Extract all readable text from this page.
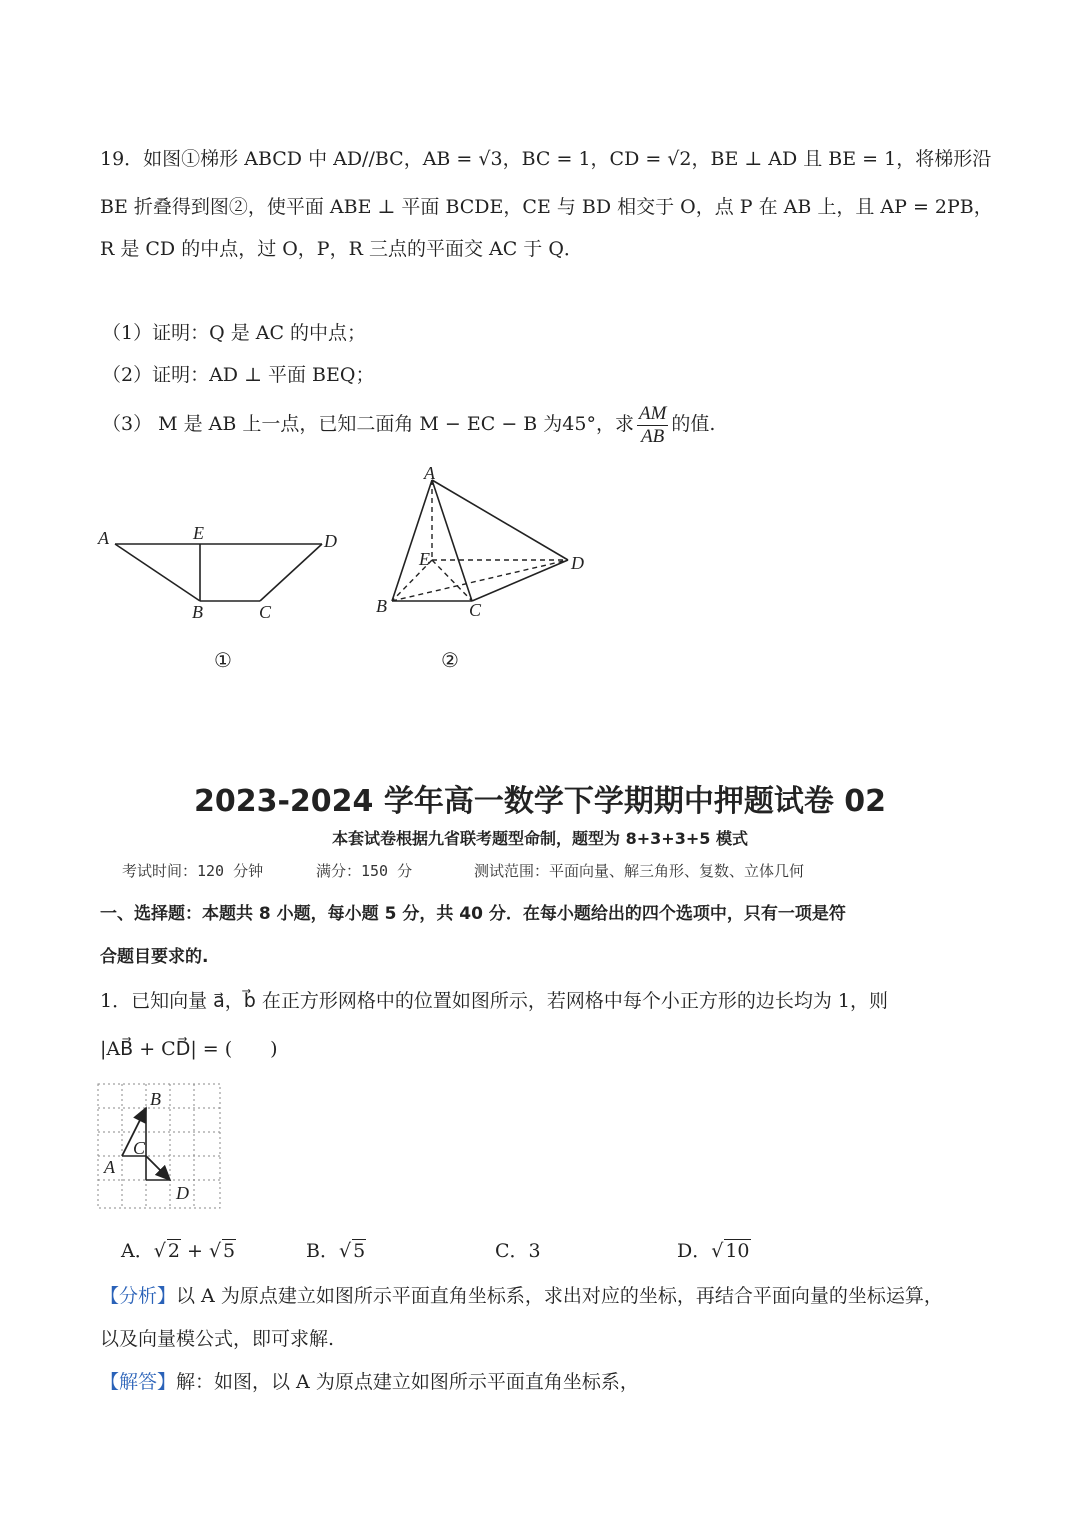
19．如图①梯形 ABCD 中 AD//BC，AB = √3，BC = 1，CD = √2，BE ⊥ AD 且 BE = 1，将梯形沿
BE 折叠得到图②，使平面 ABE ⊥ 平面 BCDE，CE 与 BD 相交于 O，点 P 在 AB 上，且 AP = 2PB，
R 是 CD 的中点，过 O，P，R 三点的平面交 AC 于 Q．
（1）证明：Q 是 AC 的中点；
（2）证明：AD ⊥ 平面 BEQ；
（3） M 是 AB 上一点，已知二面角 M − EC − B 为45°，求 $\frac{AM}{AB}$ 的值.
A	E	D
B	C
①
A
E	D
B	C
②
2023-2024 学年高一数学下学期期中押题试卷 02
本套试卷根据九省联考题型命制，题型为 8+3+3+5 模式
考试时间：120 分钟	满分：150 分	测试范围：平面向量、解三角形、复数、立体几何
一、选择题：本题共 8 小题，每小题 5 分，共 40 分．在每小题给出的四个选项中，只有一项是符
合题目要求的.
1．已知向量 a⃗，b⃗ 在正方形网格中的位置如图所示，若网格中每个小正方形的边长均为 1，则
|AB⃗ + CD⃗| = (　　)
B
C
A
D
A．√ 2 + √ 5	B．√ 5	C．3	D．√ 10
【分析】以 A 为原点建立如图所示平面直角坐标系，求出对应的坐标，再结合平面向量的坐标运算，
以及向量模公式，即可求解.
【解答】解：如图，以 A 为原点建立如图所示平面直角坐标系，
